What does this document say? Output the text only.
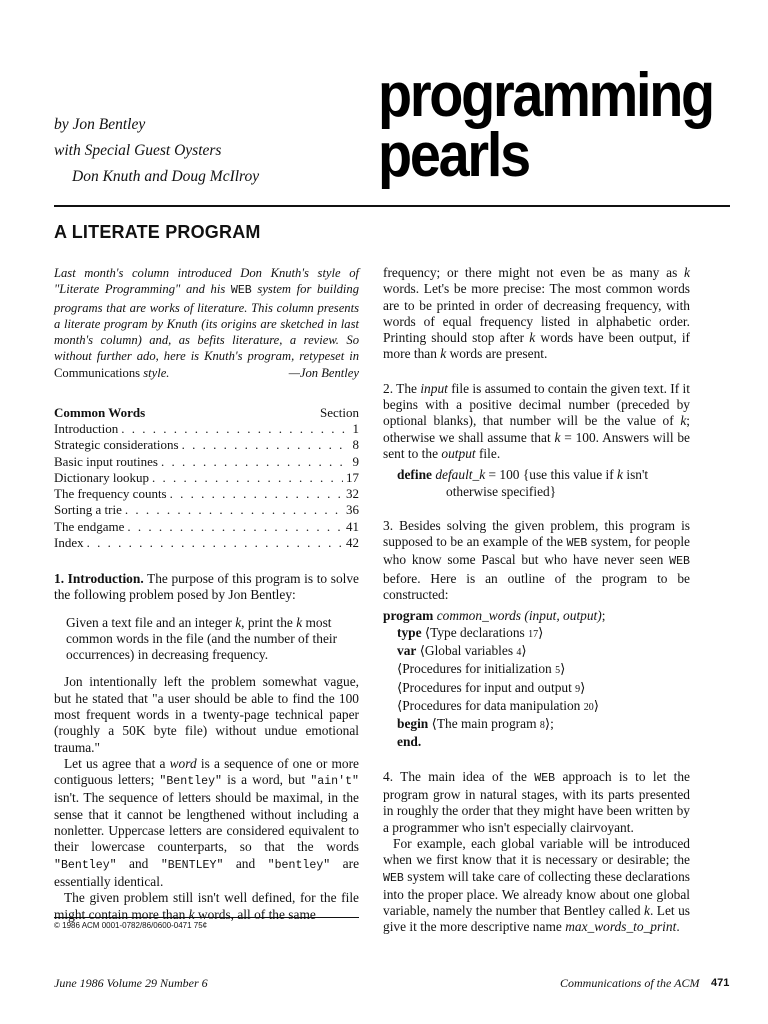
by Jon Bentley
with Special Guest Oysters
Don Knuth and Doug McIlroy
programming
pearls
A LITERATE PROGRAM

Last month's column introduced Don Knuth's style of "Literate Programming" and his WEB system for building programs that are works of literature. This column presents a literate program by Knuth (its origins are sketched in last month's column) and, as befits literature, a review. So without further ado, here is Knuth's program, retypeset in Communications style.	—Jon Bentley

Common Words	Section
Introduction . . .	1
Strategic considerations . . .	8
Basic input routines . . .	9
Dictionary lookup . . .	17
The frequency counts . . .	32
Sorting a trie . . .	36
The endgame . . .	41
Index . . .	42

1. Introduction. The purpose of this program is to solve the following problem posed by Jon Bentley:

Given a text file and an integer k, print the k most common words in the file (and the number of their occurrences) in decreasing frequency.

Jon intentionally left the problem somewhat vague, but he stated that "a user should be able to find the 100 most frequent words in a twenty-page technical paper (roughly a 50K byte file) without undue emotional trauma."

Let us agree that a word is a sequence of one or more contiguous letters; "Bentley" is a word, but "ain't" isn't. The sequence of letters should be maximal, in the sense that it cannot be lengthened without including a nonletter. Uppercase letters are considered equivalent to their lowercase counterparts, so that the words "Bentley" and "BENTLEY" and "bentley" are essentially identical.

The given problem still isn't well defined, for the file might contain more than k words, all of the same

frequency; or there might not even be as many as k words. Let's be more precise: The most common words are to be printed in order of decreasing frequency, with words of equal frequency listed in alphabetic order. Printing should stop after k words have been output, if more than k words are present.

2. The input file is assumed to contain the given text. If it begins with a positive decimal number (preceded by optional blanks), that number will be the value of k; otherwise we shall assume that k = 100. Answers will be sent to the output file.

define default_k = 100 {use this value if k isn't
otherwise specified}

3. Besides solving the given problem, this program is supposed to be an example of the WEB system, for people who know some Pascal but who have never seen WEB before. Here is an outline of the program to be constructed:

program common_words (input, output);
type ⟨Type declarations 17⟩
var ⟨Global variables 4⟩
⟨Procedures for initialization 5⟩
⟨Procedures for input and output 9⟩
⟨Procedures for data manipulation 20⟩
begin ⟨The main program 8⟩;
end.

4. The main idea of the WEB approach is to let the program grow in natural stages, with its parts presented in roughly the order that they might have been written by a programmer who isn't especially clairvoyant.

For example, each global variable will be introduced when we first know that it is necessary or desirable; the WEB system will take care of collecting these declarations into the proper place. We already know about one global variable, namely the number that Bentley called k. Let us give it the more descriptive name max_words_to_print.

© 1986 ACM 0001-0782/86/0600-0471 75¢
June 1986 Volume 29 Number 6	Communications of the ACM 471
